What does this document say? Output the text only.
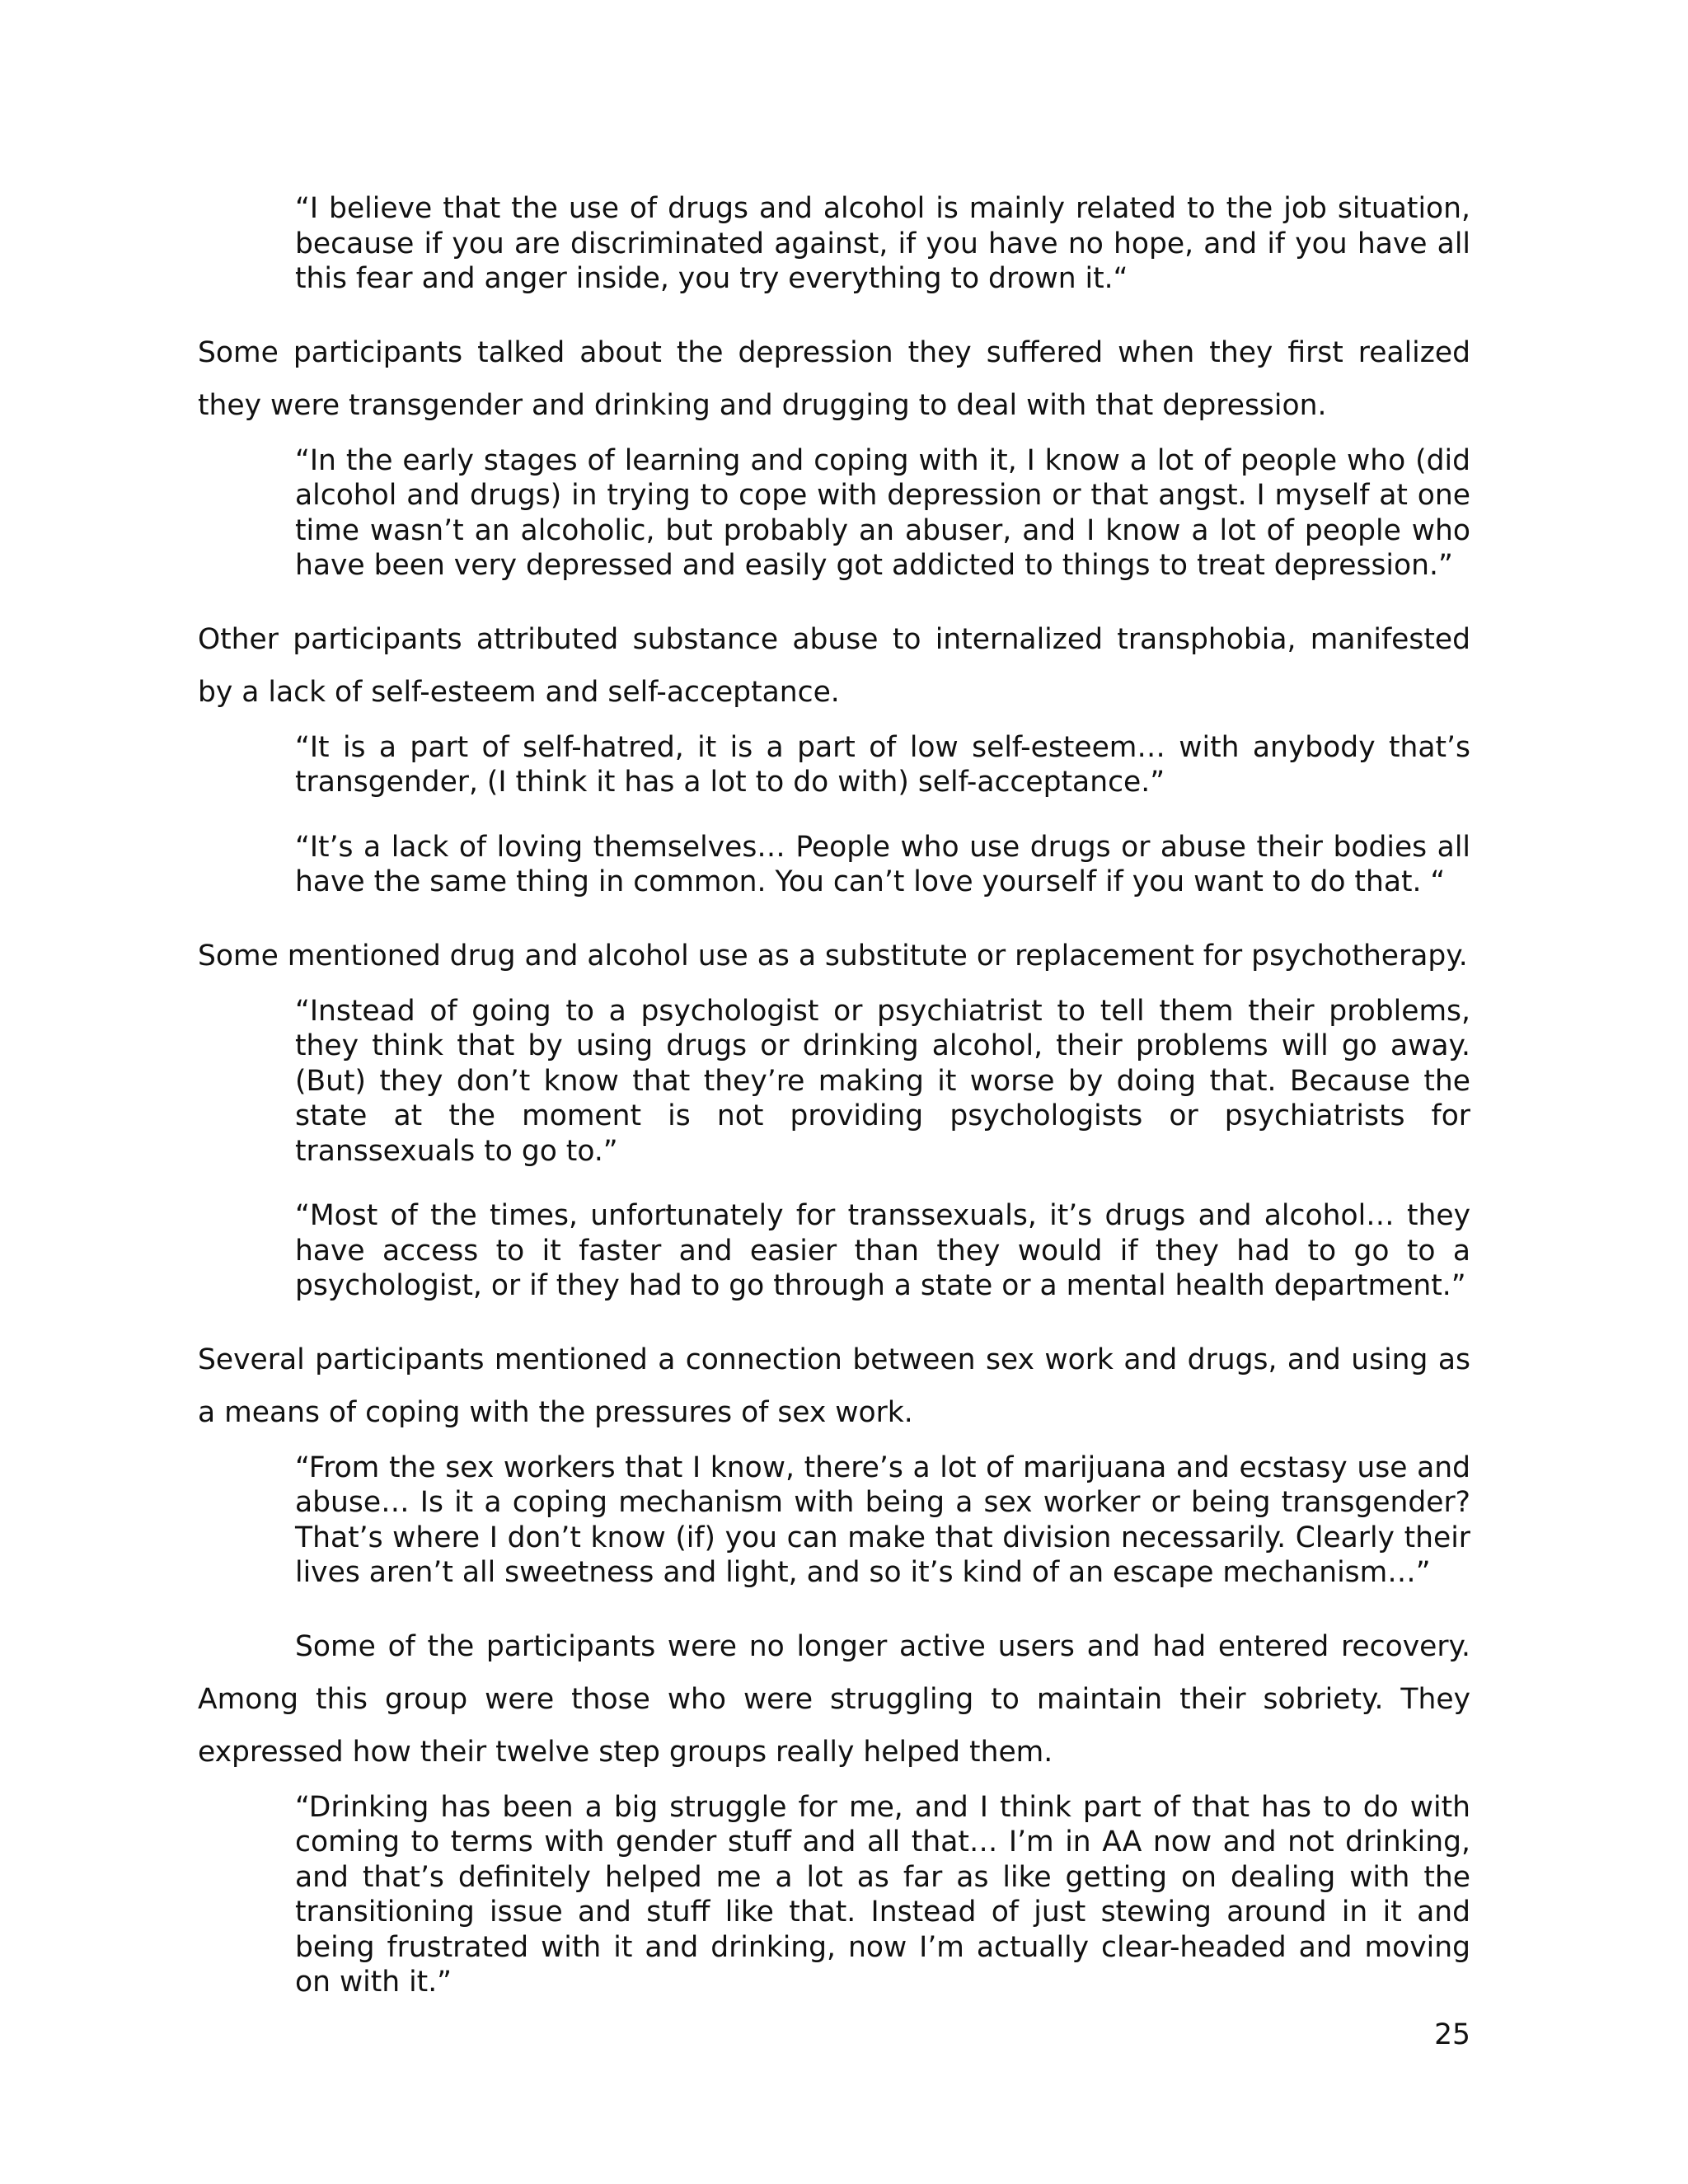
“I believe that the use of drugs and alcohol is mainly related to the job situation, because if you are discriminated against, if you have no hope, and if you have all this fear and anger inside, you try everything to drown it.“

Some participants talked about the depression they suffered when they first realized they were transgender and drinking and drugging to deal with that depression.

“In the early stages of learning and coping with it, I know a lot of people who (did alcohol and drugs) in trying to cope with depression or that angst. I myself at one time wasn’t an alcoholic, but probably an abuser, and I know a lot of people who have been very depressed and easily got addicted to things to treat depression.”

Other participants attributed substance abuse to internalized transphobia, manifested by a lack of self-esteem and self-acceptance.

“It is a part of self-hatred, it is a part of low self-esteem… with anybody that’s transgender, (I think it has a lot to do with) self-acceptance.”

“It’s a lack of loving themselves… People who use drugs or abuse their bodies all have the same thing in common. You can’t love yourself if you want to do that. “

Some mentioned drug and alcohol use as a substitute or replacement for psychotherapy.

“Instead of going to a psychologist or psychiatrist to tell them their problems, they think that by using drugs or drinking alcohol, their problems will go away. (But) they don’t know that they’re making it worse by doing that. Because the state at the moment is not providing psychologists or psychiatrists for transsexuals to go to.”

“Most of the times, unfortunately for transsexuals, it’s drugs and alcohol… they have access to it faster and easier than they would if they had to go to a psychologist, or if they had to go through a state or a mental health department.”

Several participants mentioned a connection between sex work and drugs, and using as a means of coping with the pressures of sex work.

“From the sex workers that I know, there’s a lot of marijuana and ecstasy use and abuse… Is it a coping mechanism with being a sex worker or being transgender? That’s where I don’t know (if) you can make that division necessarily. Clearly their lives aren’t all sweetness and light, and so it’s kind of an escape mechanism…”

Some of the participants were no longer active users and had entered recovery. Among this group were those who were struggling to maintain their sobriety. They expressed how their twelve step groups really helped them.

“Drinking has been a big struggle for me, and I think part of that has to do with coming to terms with gender stuff and all that… I’m in AA now and not drinking, and that’s definitely helped me a lot as far as like getting on dealing with the transitioning issue and stuff like that. Instead of just stewing around in it and being frustrated with it and drinking, now I’m actually clear-headed and moving on with it.”

25
